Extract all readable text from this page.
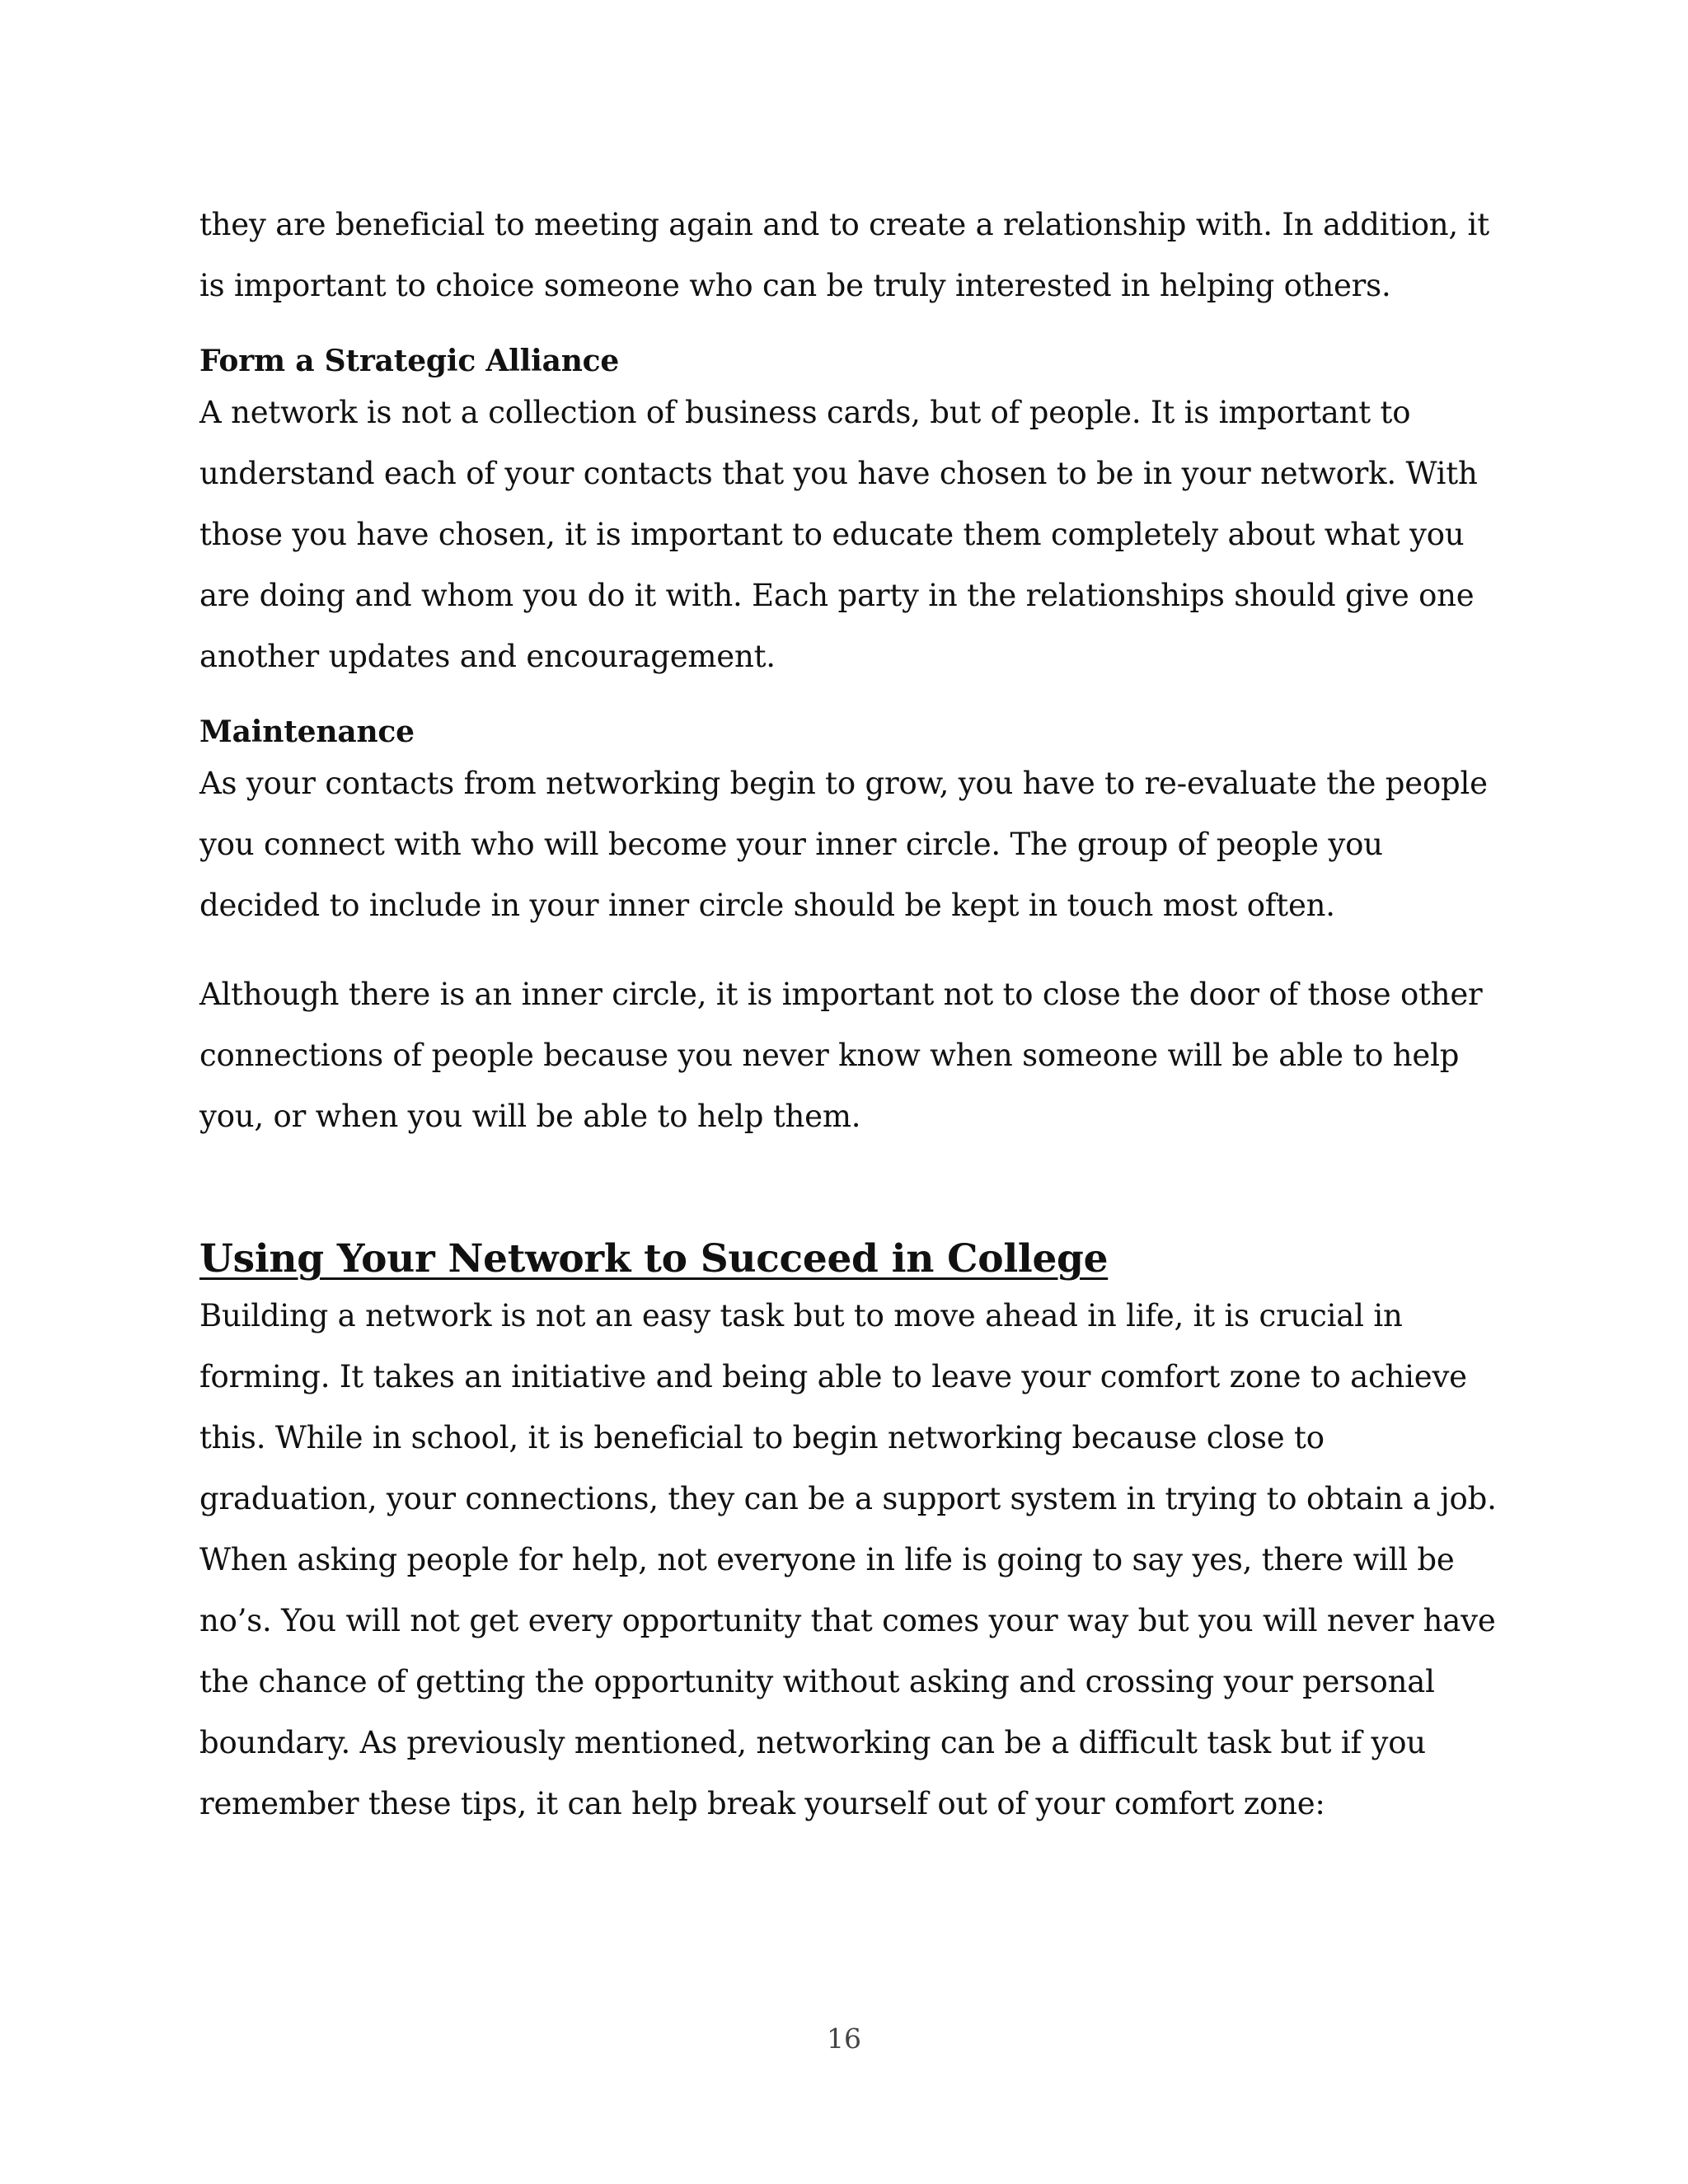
they are beneficial to meeting again and to create a relationship with. In addition, it is important to choice someone who can be truly interested in helping others.

Form a Strategic Alliance

A network is not a collection of business cards, but of people. It is important to understand each of your contacts that you have chosen to be in your network. With those you have chosen, it is important to educate them completely about what you are doing and whom you do it with. Each party in the relationships should give one another updates and encouragement.

Maintenance

As your contacts from networking begin to grow, you have to re-evaluate the people you connect with who will become your inner circle. The group of people you decided to include in your inner circle should be kept in touch most often.

Although there is an inner circle, it is important not to close the door of those other connections of people because you never know when someone will be able to help you, or when you will be able to help them.

Using Your Network to Succeed in College

Building a network is not an easy task but to move ahead in life, it is crucial in forming. It takes an initiative and being able to leave your comfort zone to achieve this. While in school, it is beneficial to begin networking because close to graduation, your connections, they can be a support system in trying to obtain a job. When asking people for help, not everyone in life is going to say yes, there will be no’s. You will not get every opportunity that comes your way but you will never have the chance of getting the opportunity without asking and crossing your personal boundary. As previously mentioned, networking can be a difficult task but if you remember these tips, it can help break yourself out of your comfort zone:

16
